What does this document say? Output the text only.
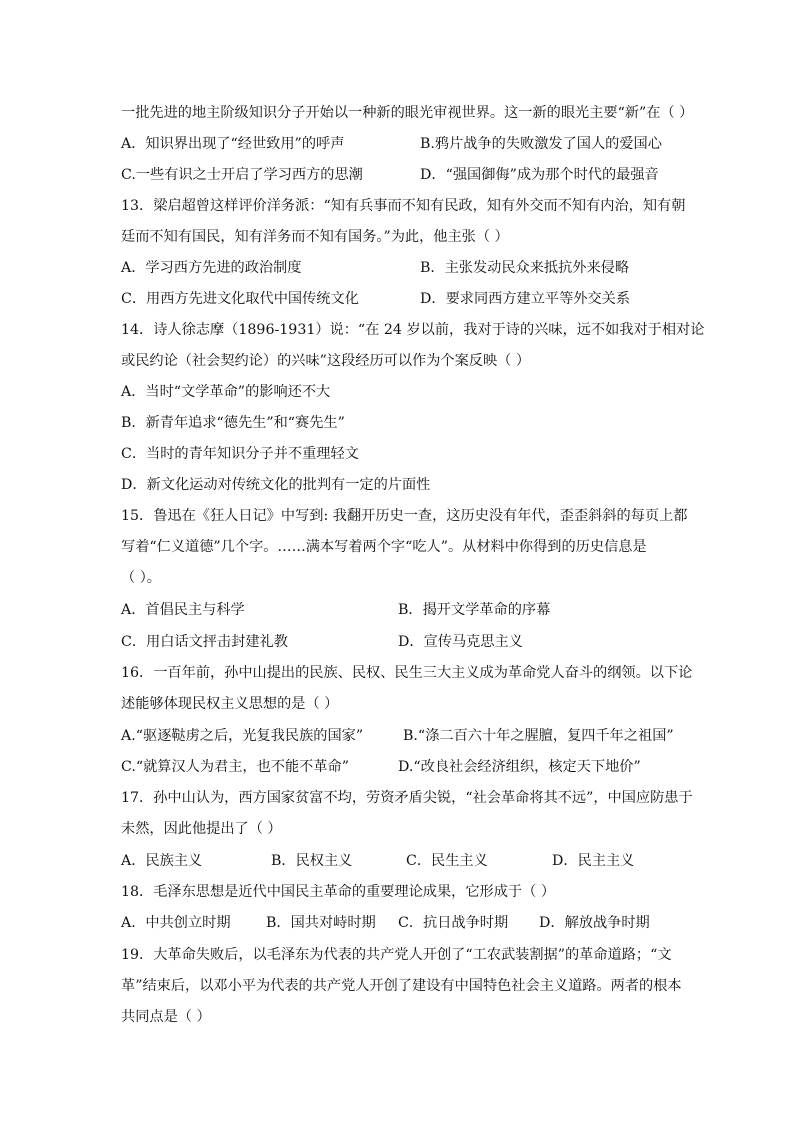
一批先进的地主阶级知识分子开始以一种新的眼光审视世界。这一新的眼光主要“新”在（ ）
A．知识界出现了“经世致用”的呼声	B.鸦片战争的失败激发了国人的爱国心
C.一些有识之士开启了学习西方的思潮	D．“强国御侮”成为那个时代的最强音
13．梁启超曾这样评价洋务派：“知有兵事而不知有民政，知有外交而不知有内治，知有朝
廷而不知有国民，知有洋务而不知有国务。”为此，他主张（ ）
A．学习西方先进的政治制度	B．主张发动民众来抵抗外来侵略
C．用西方先进文化取代中国传统文化	D．要求同西方建立平等外交关系
14．诗人徐志摩（1896-1931）说：“在 24 岁以前，我对于诗的兴味，远不如我对于相对论
或民约论（社会契约论）的兴味”这段经历可以作为个案反映（ ）
A．当时“文学革命”的影响还不大
B．新青年追求“德先生”和“赛先生”
C．当时的青年知识分子并不重理轻文
D．新文化运动对传统文化的批判有一定的片面性
15．鲁迅在《狂人日记》中写到: 我翻开历史一查，这历史没有年代，歪歪斜斜的每页上都
写着“仁义道德”几个字。……满本写着两个字“吃人”。从材料中你得到的历史信息是
（ ）。
A．首倡民主与科学	B．揭开文学革命的序幕
C．用白话文抨击封建礼教	D．宣传马克思主义
16．一百年前，孙中山提出的民族、民权、民生三大主义成为革命党人奋斗的纲领。以下论
述能够体现民权主义思想的是（ ）
A.“驱逐鞑虏之后，光复我民族的国家”	B.“涤二百六十年之腥膻，复四千年之祖国”
C.“就算汉人为君主，也不能不革命”	D.“改良社会经济组织，核定天下地价”
17．孙中山认为，西方国家贫富不均，劳资矛盾尖锐，“社会革命将其不远”，中国应防患于
未然，因此他提出了（ ）
A．民族主义	B．民权主义	C．民生主义	D．民主主义
18．毛泽东思想是近代中国民主革命的重要理论成果，它形成于（ ）
A．中共创立时期 B．国共对峙时期 C．抗日战争时期 D．解放战争时期
19．大革命失败后，以毛泽东为代表的共产党人开创了“工农武装割据”的革命道路；“文
革”结束后，以邓小平为代表的共产党人开创了建设有中国特色社会主义道路。两者的根本
共同点是（ ）
